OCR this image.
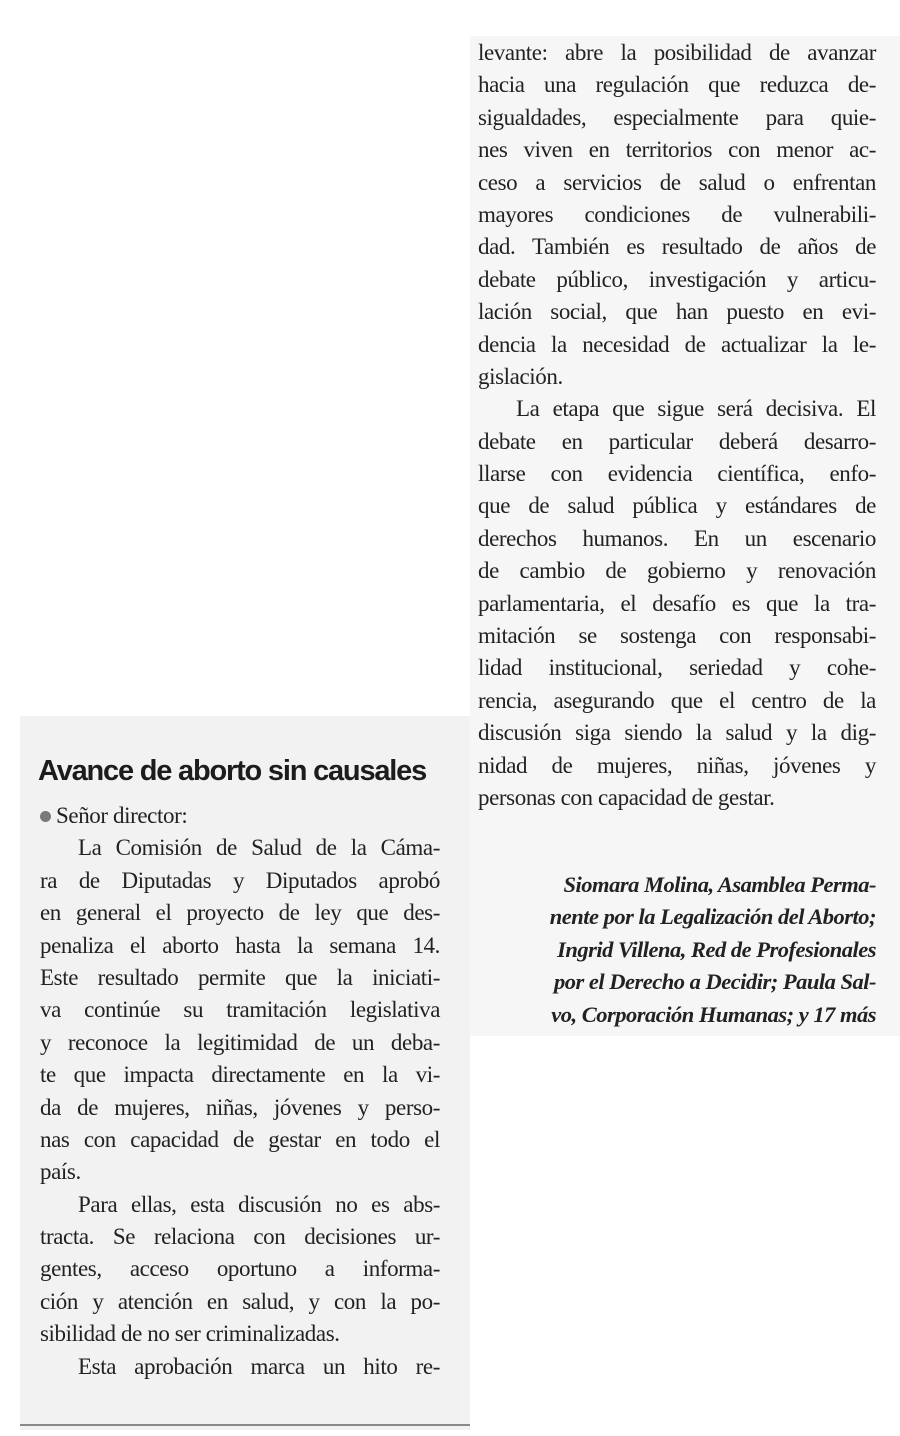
Avance de aborto sin causales
Señor director:
La Comisión de Salud de la Cáma-
ra de Diputadas y Diputados aprobó
en general el proyecto de ley que des-
penaliza el aborto hasta la semana 14.
Este resultado permite que la iniciati-
va continúe su tramitación legislativa
y reconoce la legitimidad de un deba-
te que impacta directamente en la vi-
da de mujeres, niñas, jóvenes y perso-
nas con capacidad de gestar en todo el
país.
Para ellas, esta discusión no es abs-
tracta. Se relaciona con decisiones ur-
gentes, acceso oportuno a informa-
ción y atención en salud, y con la po-
sibilidad de no ser criminalizadas.
Esta aprobación marca un hito re-
levante: abre la posibilidad de avanzar
hacia una regulación que reduzca de-
sigualdades, especialmente para quie-
nes viven en territorios con menor ac-
ceso a servicios de salud o enfrentan
mayores condiciones de vulnerabili-
dad. También es resultado de años de
debate público, investigación y articu-
lación social, que han puesto en evi-
dencia la necesidad de actualizar la le-
gislación.
La etapa que sigue será decisiva. El
debate en particular deberá desarro-
llarse con evidencia científica, enfo-
que de salud pública y estándares de
derechos humanos. En un escenario
de cambio de gobierno y renovación
parlamentaria, el desafío es que la tra-
mitación se sostenga con responsabi-
lidad institucional, seriedad y cohe-
rencia, asegurando que el centro de la
discusión siga siendo la salud y la dig-
nidad de mujeres, niñas, jóvenes y
personas con capacidad de gestar.
Siomara Molina, Asamblea Perma-
nente por la Legalización del Aborto;
Ingrid Villena, Red de Profesionales
por el Derecho a Decidir; Paula Sal-
vo, Corporación Humanas; y 17 más
